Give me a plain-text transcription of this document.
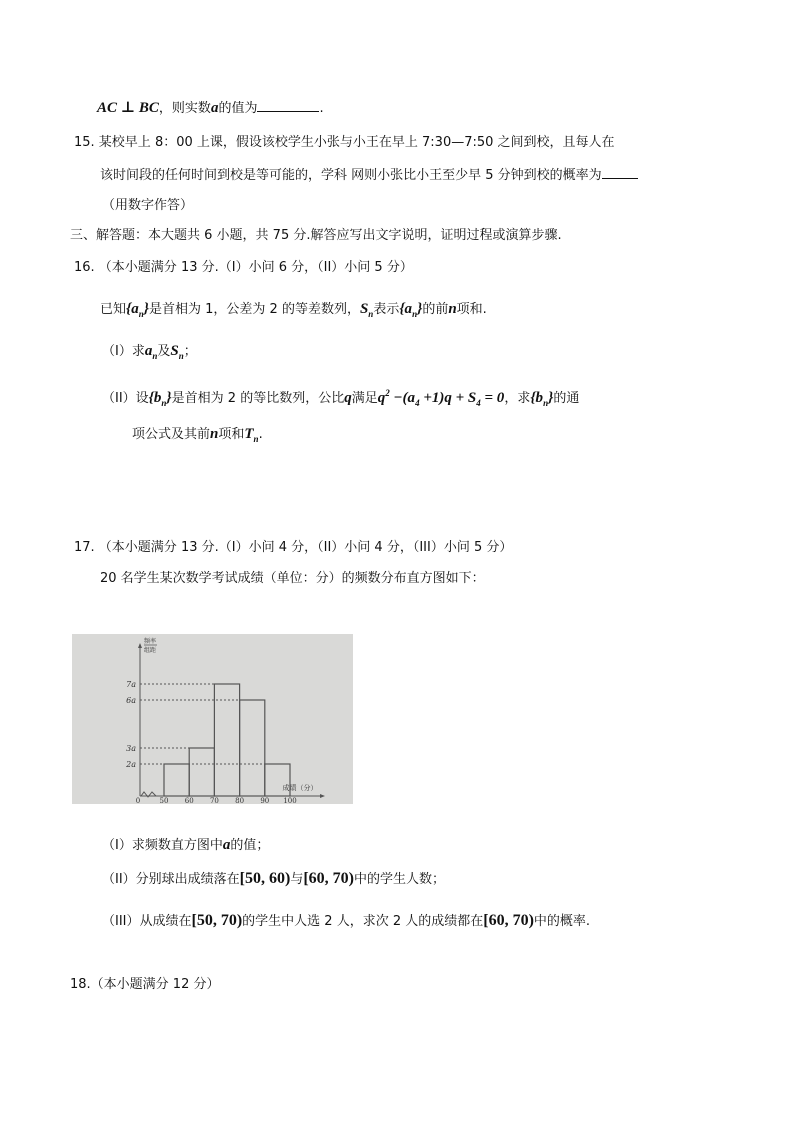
AC ⊥ BC，则实数a的值为	.
15. 某校早上 8：00 上课，假设该校学生小张与小王在早上 7:30—7:50 之间到校，且每人在
该时间段的任何时间到校是等可能的，学科 网则小张比小王至少早 5 分钟到校的概率为
（用数字作答）
三、解答题：本大题共 6 小题，共 75 分.解答应写出文字说明，证明过程或演算步骤.
16. （本小题满分 13 分.（I）小问 6 分，（II）小问 5 分）
已知$\{a_n\}$是首相为 1，公差为 2 的等差数列，$S_n$表示$\{a_n\}$的前n项和.
（I）求$a_n$及$S_n$；
（II）设$\{b_n\}$是首相为 2 的等比数列，公比q满足$q^2 -(a_4 +1)q + S_4 = 0$，求$\{b_n\}$的通
项公式及其前n项和$T_n$.
17. （本小题满分 13 分.（I）小问 4 分，（II）小问 4 分，（III）小问 5 分）
20 名学生某次数学考试成绩（单位：分）的频数分布直方图如下：
2a
3a
6a
7a
0	50 60 70 80 90 100
成绩（分）
频率
组距
（I）求频数直方图中a的值；
（II）分别球出成绩落在[50, 60)与[60, 70)中的学生人数；
（III）从成绩在[50, 70)的学生中人选 2 人，求次 2 人的成绩都在[60, 70)中的概率.
18.（本小题满分 12 分）
